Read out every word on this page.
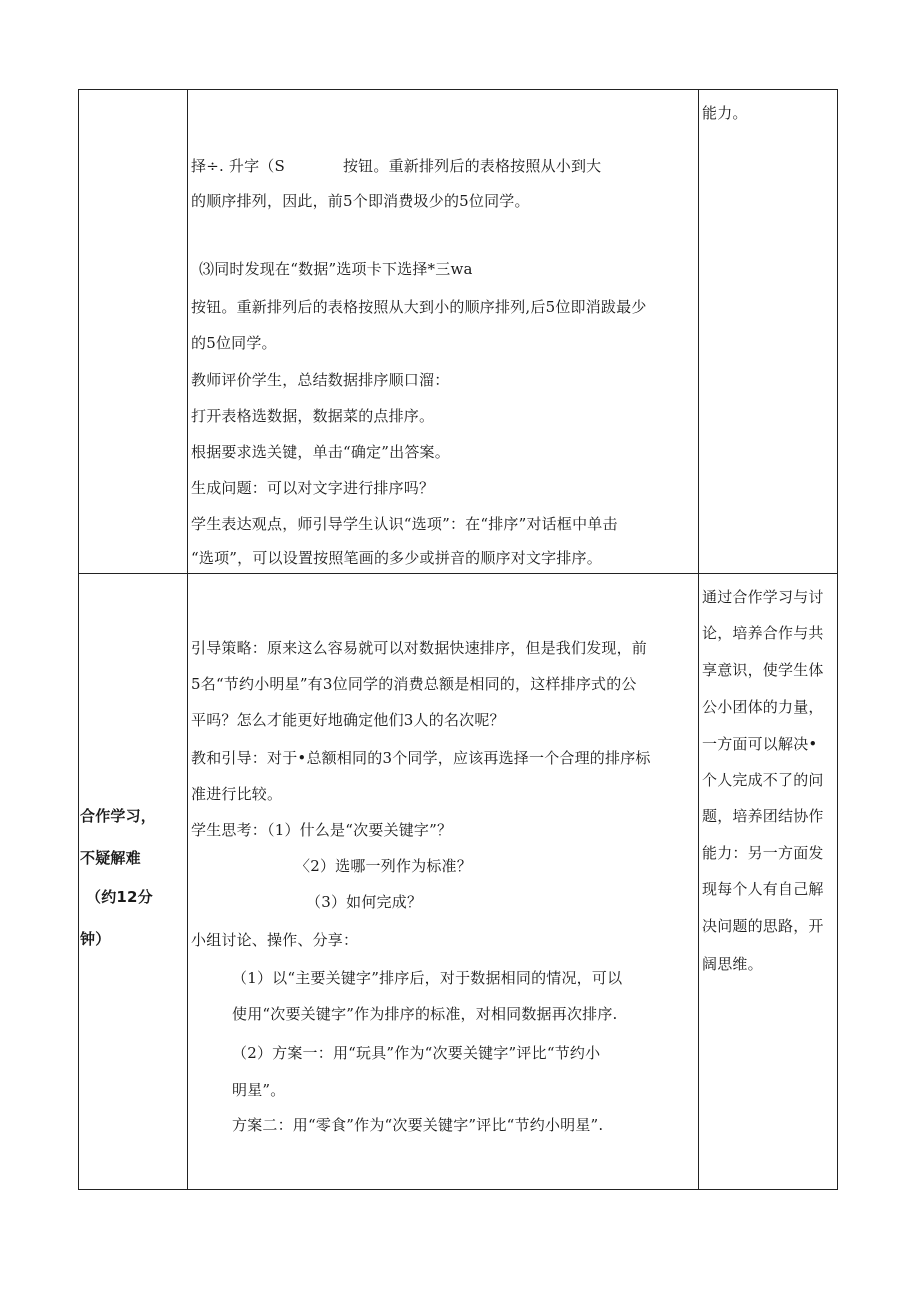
择÷. 升字（S	按钮。重新排列后的表格按照从小到大
的顺序排列，因此，前5个即消费圾少的5位同学。
⑶同时发现在“数据”选项卡下选择*三wa
按钮。重新排列后的表格按照从大到小的顺序排列,后5位即消跋最少
的5位同学。
教师评价学生，总结数据排序顺口溜：
打开表格选数据，数据菜的点排序。
根据要求选关键，单击“确定”出答案。
生成问题：可以对文字进行排序吗？
学生表达观点，师引导学生认识“选项”：在“排序”对话框中单击
“选项”，可以设置按照笔画的多少或拼音的顺序对文字排序。
能力。
合作学习，
不疑解难
（约12分
钟）
引导策略：原来这么容易就可以对数据快速排序，但是我们发现，前
5名“节约小明星”有3位同学的消费总额是相同的，这样排序式的公
平吗？怎么才能更好地确定他们3人的名次呢？
教和引导：对于•总额相同的3个同学，应该再选择一个合理的排序标
准进行比较。
学生思考：（1）什么是“次要关键字”？
〈2）选哪一列作为标准？
（3）如何完成？
小组讨论、操作、分享：
（1）以“主要关键字”排序后，对于数据相同的情况，可以
使用“次要关键字”作为排序的标准，对相同数据再次排序.
（2）方案一：用“玩具”作为“次要关键字”评比“节约小
明星”。
方案二：用“零食”作为“次要关键字”评比“节约小明星”.
通过合作学习与讨
论，培养合作与共
享意识，使学生体
公小团体的力量，
一方面可以解决•
个人完成不了的问
题，培养团结协作
能力：另一方面发
现每个人有自己解
决问题的思路，开
阔思维。
